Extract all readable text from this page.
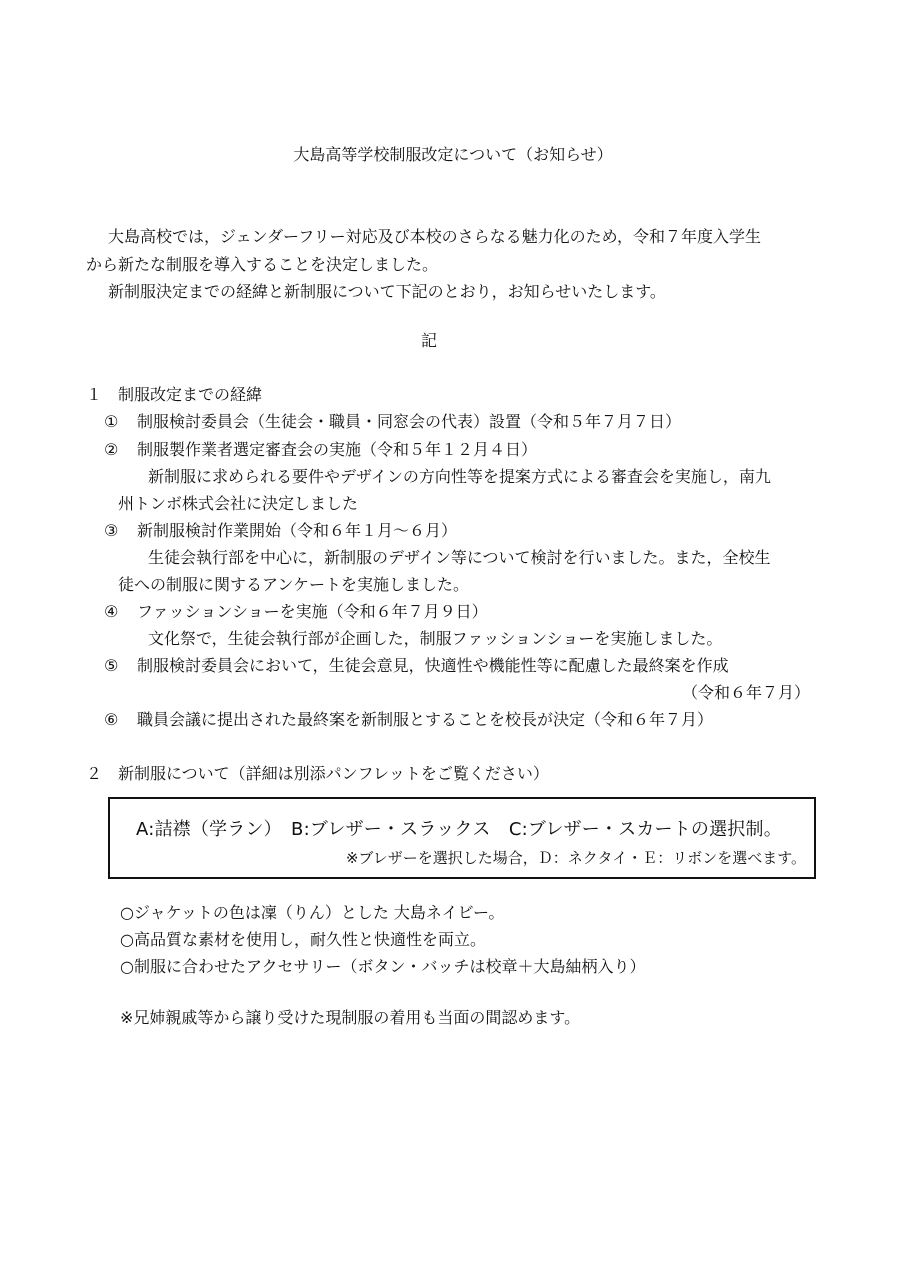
大島高等学校制服改定について（お知らせ）
大島高校では，ジェンダーフリー対応及び本校のさらなる魅力化のため，令和７年度入学生
から新たな制服を導入することを決定しました。
新制服決定までの経緯と新制服について下記のとおり，お知らせいたします。
記
１　制服改定までの経緯
① 制服検討委員会（生徒会・職員・同窓会の代表）設置（令和５年７月７日）
② 制服製作業者選定審査会の実施（令和５年１２月４日）
新制服に求められる要件やデザインの方向性等を提案方式による審査会を実施し，南九
州トンボ株式会社に決定しました
③ 新制服検討作業開始（令和６年１月～６月）
生徒会執行部を中心に，新制服のデザイン等について検討を行いました。また，全校生
徒への制服に関するアンケートを実施しました。
④ ファッションショーを実施（令和６年７月９日）
文化祭で，生徒会執行部が企画した，制服ファッションショーを実施しました。
⑤ 制服検討委員会において，生徒会意見，快適性や機能性等に配慮した最終案を作成
（令和６年７月）
⑥ 職員会議に提出された最終案を新制服とすることを校長が決定（令和６年７月）
２　新制服について（詳細は別添パンフレットをご覧ください）
A:詰襟（学ラン）　B:ブレザー・スラックス　C:ブレザー・スカートの選択制。
※ブレザーを選択した場合，Ｄ：ネクタイ・Ｅ：リボンを選べます。
○ジャケットの色は凜（りん）とした 大島ネイビー。
○高品質な素材を使用し，耐久性と快適性を両立。
○制服に合わせたアクセサリー（ボタン・バッチは校章＋大島紬柄入り）
※兄姉親戚等から譲り受けた現制服の着用も当面の間認めます。
